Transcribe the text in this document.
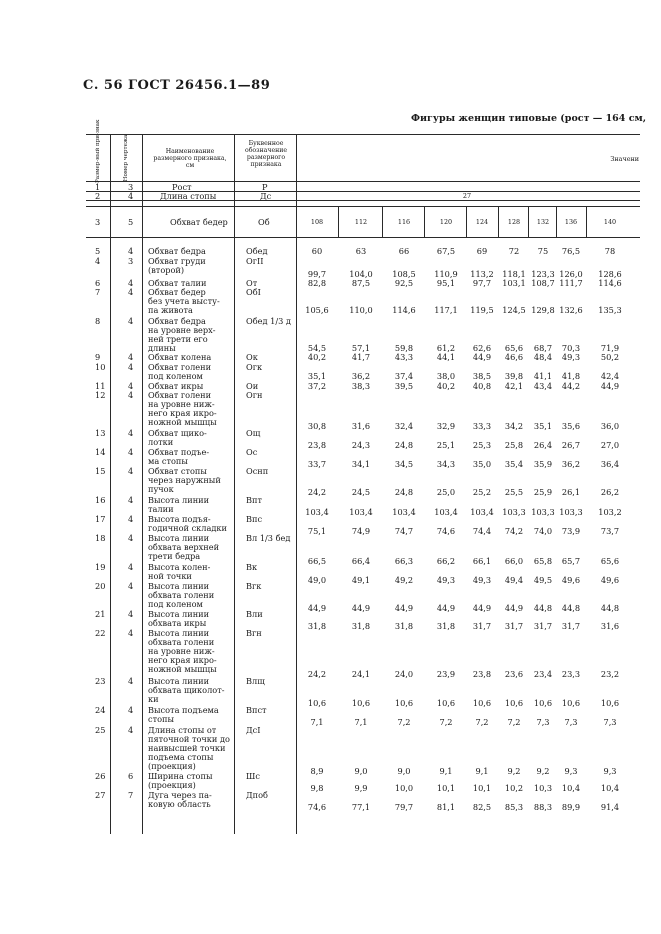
С. 56 ГОСТ 26456.1—89
Фигуры женщин типовые (рост — 164 см,
Размер-ный при-знак	Номер чертежа	Наименование размерного признака, см
Буквенное обозначение размерного признака
Значени
1	3	Рост	Р
2	4	Длина стопы	Дс	27
3	5	Обхват бедер	Об	108	112	116	120	124	128	132	136	140
5	4 Обхват бедра	Обед	60	63	66	67,5	69	72	75	76,5	78
4	3 Обхват груди
(второй)
ОгII
99,7	104,0	108,5	110,9	113,2	118,1 123,3 126,0	128,6
6	4 Обхват талии	От	82,8	87,5	92,5	95,1	97,7	103,1 108,7 111,7	114,6
7	4 Обхват бедер
без учета высту-
па живота
ОбI
105,6	110,0	114,6	117,1	119,5	124,5 129,8 132,6	135,3
8	4 Обхват бедра
на уровне верх-
ней трети его
длины
Обед 1/3 д
54,5	57,1	59,8	61,2	62,6	65,6	68,7	70,3	71,9
9	4 Обхват колена	Ок	40,2	41,7	43,3	44,1	44,9	46,6	48,4	49,3	50,2
10	4 Обхват голени
под коленом
Огк
35,1	36,2	37,4	38,0	38,5	39,8	41,1	41,8	42,4
11	4 Обхват икры	Ои	37,2	38,3	39,5	40,2	40,8	42,1	43,4	44,2	44,9
12	4 Обхват голени
на уровне ниж-
него края икро-
ножной мышцы
Огн
30,8	31,6	32,4	32,9	33,3	34,2	35,1	35,6	36,0
13	4 Обхват щико-
лотки
Ощ
23,8	24,3	24,8	25,1	25,3	25,8	26,4	26,7	27,0
14	4 Обхват подъе-
ма стопы
Ос
33,7	34,1	34,5	34,3	35,0	35,4	35,9	36,2	36,4
15	4 Обхват стопы
через наружный
пучок
Оснп
24,2	24,5	24,8	25,0	25,2	25,5	25,9	26,1	26,2
16	4 Высота линии
талии
Впт
103,4	103,4	103,4	103,4	103,4	103,3 103,3 103,3	103,2
17	4 Высота подъя-
годичной складки
Впс
75,1	74,9	74,7	74,6	74,4	74,2	74,0	73,9	73,7
18	4 Высота линии
обхвата верхней
трети бедра
Вл 1/3 бед
66,5	66,4	66,3	66,2	66,1	66,0	65,8	65,7	65,6
19	4 Высота колен-
ной точки
Вк
49,0	49,1	49,2	49,3	49,3	49,4	49,5	49,6	49,6
20	4 Высота линии
обхвата голени
под коленом
Вгк
44,9	44,9	44,9	44,9	44,9	44,9	44,8	44,8	44,8
21	4 Высота линии
обхвата икры
Вли
31,8	31,8	31,8	31,8	31,7	31,7	31,7	31,7	31,6
22	4 Высота линии
обхвата голени
на уровне ниж-
него края икро-
ножной мышцы
Вгн
24,2	24,1	24,0	23,9	23,8	23,6	23,4	23,3	23,2
23	4 Высота линии
обхвата щиколот-
ки
Влщ
10,6	10,6	10,6	10,6	10,6	10,6	10,6	10,6	10,6
24	4 Высота подъема
стопы
Впст
7,1	7,1	7,2	7,2	7,2	7,2	7,3	7,3	7,3
25	4 Длина стопы от
пяточной точки до
наивысшей точки
подъема стопы
(проекция)
ДсI
8,9	9,0	9,0	9,1	9,1	9,2	9,2	9,3	9,3
26	6 Ширина стопы
(проекция)
Шс
9,8	9,9	10,0	10,1	10,1	10,2	10,3	10,4	10,4
27	7 Дуга через па-
ковую область
Дпоб
74,6	77,1	79,7	81,1	82,5	85,3	88,3	89,9	91,4
